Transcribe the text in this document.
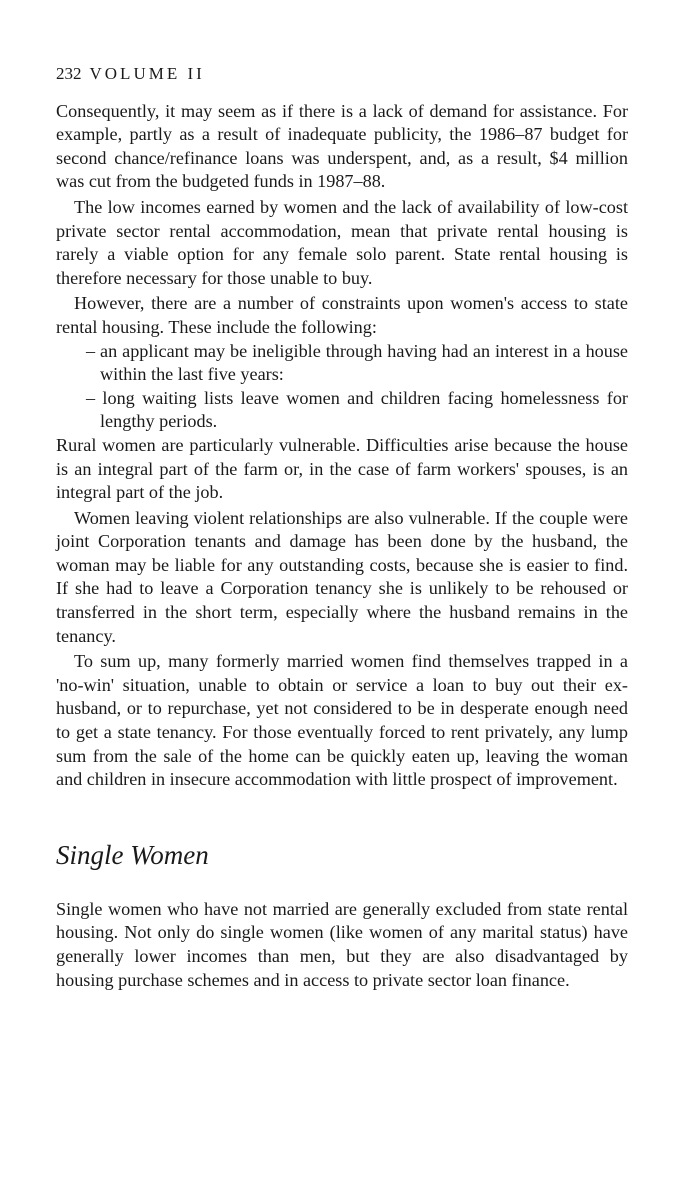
232 VOLUME II

Consequently, it may seem as if there is a lack of demand for assistance. For example, partly as a result of inadequate publicity, the 1986–87 budget for second chance/refinance loans was underspent, and, as a result, $4 million was cut from the budgeted funds in 1987–88.

The low incomes earned by women and the lack of availability of low-cost private sector rental accommodation, mean that private rental housing is rarely a viable option for any female solo parent. State rental housing is therefore necessary for those unable to buy.

However, there are a number of constraints upon women's access to state rental housing. These include the following:

– an applicant may be ineligible through having had an interest in a house within the last five years:
– long waiting lists leave women and children facing homelessness for lengthy periods.

Rural women are particularly vulnerable. Difficulties arise because the house is an integral part of the farm or, in the case of farm workers' spouses, is an integral part of the job.

Women leaving violent relationships are also vulnerable. If the couple were joint Corporation tenants and damage has been done by the husband, the woman may be liable for any outstanding costs, because she is easier to find. If she had to leave a Corporation tenancy she is unlikely to be rehoused or transferred in the short term, especially where the husband remains in the tenancy.

To sum up, many formerly married women find themselves trapped in a 'no-win' situation, unable to obtain or service a loan to buy out their ex-husband, or to repurchase, yet not considered to be in desperate enough need to get a state tenancy. For those eventually forced to rent privately, any lump sum from the sale of the home can be quickly eaten up, leaving the woman and children in insecure accommodation with little prospect of improvement.

Single Women

Single women who have not married are generally excluded from state rental housing. Not only do single women (like women of any marital status) have generally lower incomes than men, but they are also disadvantaged by housing purchase schemes and in access to private sector loan finance.
